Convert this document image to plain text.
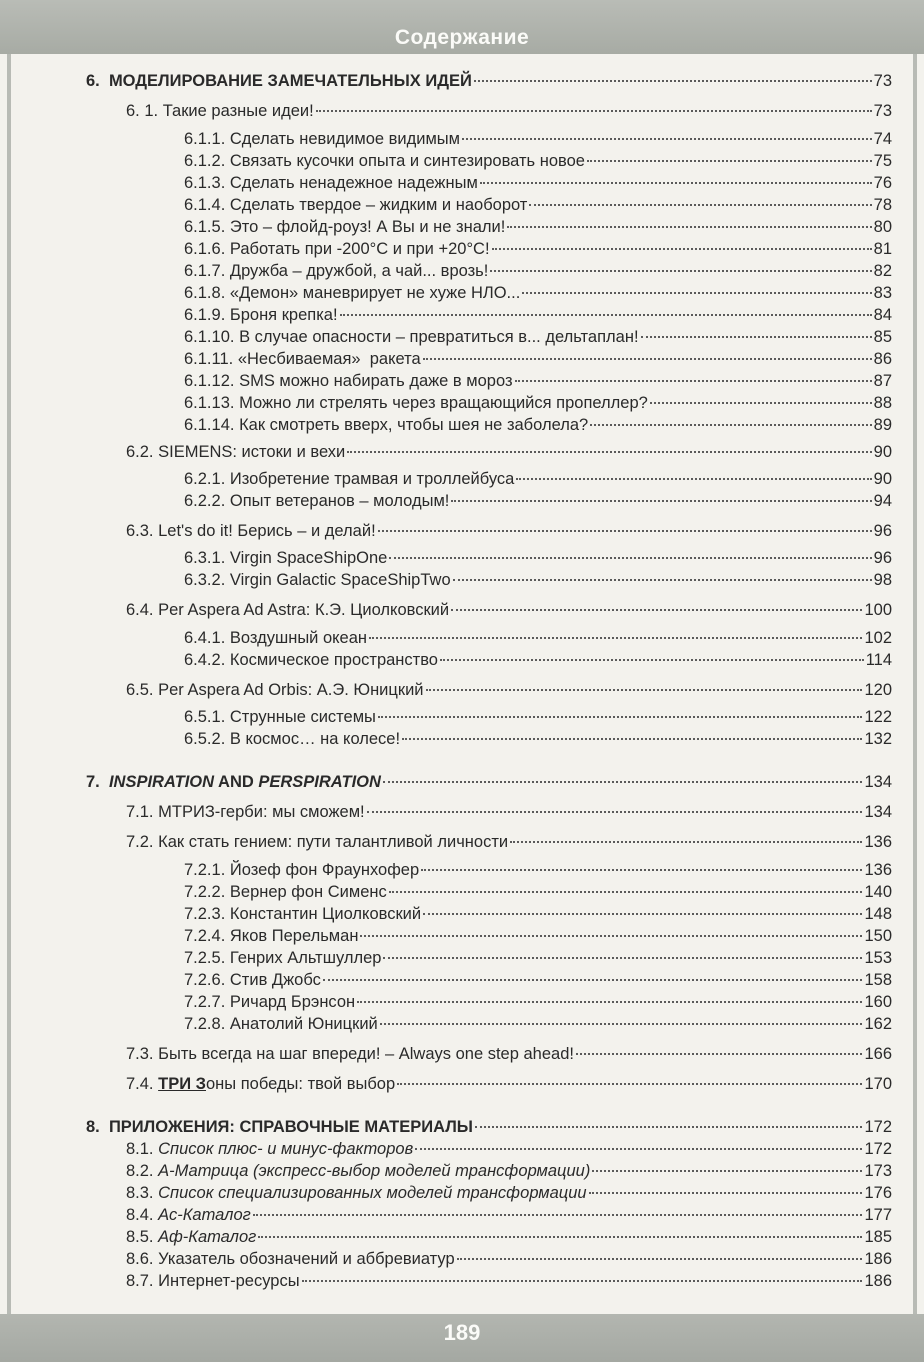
Содержание
6. МОДЕЛИРОВАНИЕ ЗАМЕЧАТЕЛЬНЫХ ИДЕЙ	73
6. 1. Такие разные идеи!	73
6.1.1. Сделать невидимое видимым	74
6.1.2. Связать кусочки опыта и синтезировать новое	75
6.1.3. Сделать ненадежное надежным	76
6.1.4. Сделать твердое – жидким и наоборот	78
6.1.5. Это – флойд-роуз! А Вы и не знали!	80
6.1.6. Работать при -200°С и при +20°С!	81
6.1.7. Дружба – дружбой, а чай... врозь!	82
6.1.8. «Демон» маневрирует не хуже НЛО...	83
6.1.9. Броня крепка!	84
6.1.10. В случае опасности – превратиться в... дельтаплан!	85
6.1.11. «Несбиваемая»  ракета	86
6.1.12. SMS можно набирать даже в мороз	87
6.1.13. Можно ли стрелять через вращающийся пропеллер?	88
6.1.14. Как смотреть вверх, чтобы шея не заболела?	89
6.2. SIEMENS: истоки и вехи	90
6.2.1. Изобретение трамвая и троллейбуса	90
6.2.2. Опыт ветеранов – молодым!	94
6.3. Let's do it! Берись – и делай!	96
6.3.1. Virgin SpaceShipOne	96
6.3.2. Virgin Galactic SpaceShipTwo	98
6.4. Per Aspera Ad Astra: К.Э. Циолковский	100
6.4.1. Воздушный океан	102
6.4.2. Космическое пространство	114
6.5. Per Aspera Ad Orbis: А.Э. Юницкий	120
6.5.1. Струнные системы	122
6.5.2. В космос… на колесе!	132
7. INSPIRATION AND PERSPIRATION	134
7.1. МТРИЗ-герби: мы сможем!	134
7.2. Как стать гением: пути талантливой личности	136
7.2.1. Йозеф фон Фраунхофер	136
7.2.2. Вернер фон Сименс	140
7.2.3. Константин Циолковский	148
7.2.4. Яков Перельман	150
7.2.5. Генрих Альтшуллер	153
7.2.6. Стив Джобс	158
7.2.7. Ричард Брэнсон	160
7.2.8. Анатолий Юницкий	162
7.3. Быть всегда на шаг впереди! – Always one step ahead!	166
7.4. ТРИ Зоны победы: твой выбор	170
8. ПРИЛОЖЕНИЯ: СПРАВОЧНЫЕ МАТЕРИАЛЫ	172
8.1. Список плюс- и минус-факторов	172
8.2. А-Матрица (экспресс-выбор моделей трансформации)	173
8.3. Список специализированных моделей трансформации	176
8.4. Ас-Каталог	177
8.5. Аф-Каталог	185
8.6. Указатель обозначений и аббревиатур	186
8.7. Интернет-ресурсы	186
189
